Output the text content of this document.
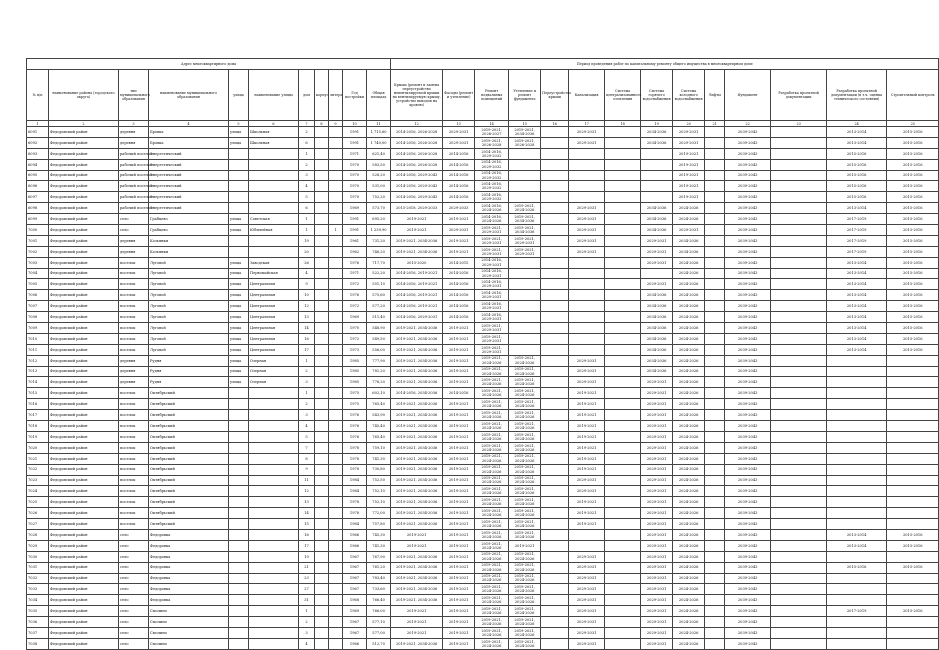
Адрес многоквартирного дома											Период проведения работ по капитальному ремонту общего имущества в многоквартирном доме													
№ п/п	наименование района (городского округа)	тип муниципального образования	наименование муниципального образования	улица	наименование улицы	дом	корпус	литера	Год постройки	Общая площадь	Крыша (ремонт и замена переустройство невентилируемой крыши на вентилируемую крышу, устройство выходов на кровлю)	Фасады (ремонт и утепление)	Ремонт подвальных помещений	Утепление и ремонт фундамента	Переустройство крыши	Канализация	Система централизованного отопления	Система горячего водоснабжения	Система холодного водоснабжения	Лифты	Фундамент	Разработка проектной документации	Разработка проектной документации (в т.ч. оценка технического состояния)	Строительный контроль
1	2	3	4	5	6	7	8	9	10	11	12	13	14	15	16	17	18	19	20	21	22	23	24	25
6091	Федоровский район	деревня	Бровка	улица	Школьная	2			1991	1 715,60	2014-2016, 2026-2028	2029-2031	2019-2021, 2026-2027	2019-2021, 2034-2036		2029-2031		2034-2036	2029-2031		2039-2043		2013-2014	2015-2016
6092	Федоровский район	деревня	Бровка	улица	Школьная	6			1991	1 740,00	2014-2016, 2026-2028	2029-2031	2019-2021, 2026-2028	2019-2021, 2026-2028		2029-2031		2034-2036	2029-2031		2039-2043		2013-2014	2015-2016
6093	Федоровский район	рабочий поселок	Энергетический			1			1971	621,40	2014-2016, 2026-2028	2014-2016	2014-2016, 2029-2032						2019-2021		2039-2043		2015-2016	2015-2016
6094	Федоровский район	рабочий поселок	Энергетический			2			1970	583,50	2014-2016, 2026-2028	2014-2016	2014-2016, 2029-2032						2019-2021		2039-2043		2015-2016	2015-2016
6095	Федоровский район	рабочий поселок	Энергетический			3			1970	528,20	2014-2016, 2029-2043	2014-2016	2014-2016, 2029-2032						2019-2021		2039-2043		2015-2016	2015-2016
6096	Федоровский район	рабочий поселок	Энергетический			4			1970	531,00	2014-2016, 2029-2043	2014-2016	2014-2016, 2029-2032						2019-2021		2039-2043		2015-2016	2015-2016
6097	Федоровский район	рабочий поселок	Энергетический			5			1970	752,20	2014-2016, 2029-2043	2014-2016	2014-2016, 2029-2032						2019-2021		2039-2043		2015-2016	2015-2016
6098	Федоровский район	рабочий поселок	Энергетический			6			1969	573,70	2015-2018, 2029-2033	2029-2033	2014-2016, 2024-2026	2019-2021, 2024-2026		2029-2031		2034-2036	2024-2026		2039-2043		2013-2014	2015-2016
6099	Федоровский район	село	Грабцево	улица	Советская	1			1991	695,20	2019-2021	2019-2021	2014-2016, 2024-2026	2019-2021, 2034-2036		2029-2031		2034-2036	2024-2026		2039-2043		2017-2019	2015-2016
7000	Федоровский район	село	Грабцево	улица	Юбилейная	1		1	1991	1 239,90	2019-2021	2029-2031	2019-2021, 2029-2031	2019-2021, 2034-2036		2029-2031		2034-2036	2029-2031		2039-2043		2017-2019	2015-2016
7001	Федоровский район	деревня	Козьянки			19			1961	731,20	2019-2021, 2034-2036	2019-2021	2019-2021, 2029-2031	2019-2021, 2029-2031		2029-2031		2029-2031	2034-2036		2039-2043		2017-2019	2015-2016
7002	Федоровский район	деревня	Козьянки			20			1962	746,20	2019-2021, 2034-2036	2019-2021	2019-2021, 2029-2031	2019-2021, 2029-2031		2029-2031		2029-2031	2034-2036		2039-2043		2017-2019	2015-2016
7003	Федоровский район	поселок	Луговой	улица	Заводская	26			1976	717,70	2015-2020	2014-2015	2014-2016, 2029-2031					2029-2031	2024-2026		2039-2043		2013-2014	2015-2016
7004	Федоровский район	поселок	Луговой	улица	Первомайская	4			1971	522,20	2014-2016, 2019-2021	2014-2016	2014-2016, 2029-2031						2024-2026		2039-2043		2013-2014	2015-2016
7005	Федоровский район	поселок	Луговой	улица	Центральная	9			1972	551,10	2014-2016, 2019-2021	2014-2016	2014-2016, 2029-2031					2029-2031	2024-2026		2039-2043		2013-2014	2015-2016
7006	Федоровский район	поселок	Луговой	улица	Центральная	10			1976	575,60	2014-2016, 2019-2021	2014-2016	2014-2016, 2029-2031					2034-2036	2024-2026		2039-2043		2013-2014	2015-2016
7007	Федоровский район	поселок	Луговой	улица	Центральная	12			1972	577,20	2014-2016, 2019-2021	2014-2016	2014-2016, 2029-2031					2034-2036	2024-2026		2039-2043		2013-2014	2015-2016
7008	Федоровский район	поселок	Луговой	улица	Центральная	13			1969	511,40	2014-2016, 2029-2031	2014-2016	2014-2016, 2029-2031					2034-2036	2024-2026		2039-2043		2013-2014	2015-2016
7009	Федоровский район	поселок	Луговой	улица	Центральная	14			1970	548,90	2019-2021, 2034-2036	2019-2021	2019-2021, 2029-2031					2034-2036	2024-2026		2039-2043		2013-2014	2015-2016
7010	Федоровский район	поселок	Луговой	улица	Центральная	16			1972	549,50	2019-2021, 2034-2036	2019-2021	2019-2021, 2029-2031					2034-2036	2024-2026		2039-2043		2013-2014	2015-2016
7011	Федоровский район	поселок	Луговой	улица	Центральная	17			1973	556,00	2019-2021, 2034-2036	2019-2021	2019-2021, 2029-2031					2034-2036	2024-2026		2039-2043		2013-2014	2015-2016
7012	Федоровский район	деревня	Рудня	улица	Озерная	1			1985	777,90	2019-2021, 2034-2036	2019-2021	2019-2021, 2024-2026	2019-2021, 2024-2026		2029-2031		2034-2036	2024-2026		2039-2043			
7013	Федоровский район	деревня	Рудня	улица	Озерная	2			1985	781,20	2019-2021, 2034-2036	2019-2021	2019-2021, 2024-2026	2019-2021, 2024-2026		2029-2031		2034-2036	2024-2026		2039-2043			
7014	Федоровский район	деревня	Рудня	улица	Озерная	3			1985	776,20	2019-2021, 2034-2036	2019-2021	2019-2021, 2024-2026	2019-2021, 2024-2026		2029-2031		2029-2031	2024-2026		2039-2043			
7015	Федоровский район	поселок	Октябрьский			1			1975	602,10	2014-2016, 2034-2036	2014-2016	2019-2021, 2024-2026	2019-2021, 2024-2026		2019-2021		2029-2031	2024-2026		2039-2043			
7016	Федоровский район	поселок	Октябрьский			2			1975	765,40	2019-2021, 2034-2036	2019-2021	2019-2021, 2024-2026	2019-2021, 2024-2026		2019-2021		2029-2031	2024-2026		2039-2043			
7017	Федоровский район	поселок	Октябрьский			3			1976	543,90	2019-2021, 2034-2036	2019-2021	2019-2021, 2024-2026	2019-2021, 2024-2026		2019-2021		2029-2031	2024-2026		2039-2043			
7018	Федоровский район	поселок	Октябрьский			4			1976	745,40	2019-2021, 2034-2036	2019-2021	2019-2021, 2024-2026	2019-2021, 2024-2026		2019-2021		2029-2031	2024-2026		2039-2043			
7019	Федоровский район	поселок	Октябрьский			5			1976	765,40	2019-2021, 2034-2036	2019-2021	2019-2021, 2024-2026	2019-2021, 2024-2026		2019-2021		2029-2031	2024-2026		2039-2043			
7020	Федоровский район	поселок	Октябрьский			7			1978	759,10	2019-2021, 2034-2036	2019-2021	2019-2021, 2024-2026	2019-2021, 2024-2026		2019-2021		2029-2031	2024-2026		2039-2043			
7021	Федоровский район	поселок	Октябрьский			8			1978	741,30	2019-2021, 2034-2036	2019-2021	2019-2021, 2024-2026	2019-2021, 2024-2026		2019-2021		2029-2031	2024-2026		2039-2043			
7022	Федоровский район	поселок	Октябрьский			9			1978	730,80	2019-2021, 2034-2036	2019-2021	2019-2021, 2024-2026	2019-2021, 2024-2026		2019-2021		2029-2031	2024-2026		2039-2043			
7023	Федоровский район	поселок	Октябрьский			11			1984	752,50	2019-2021, 2034-2036	2019-2021	2019-2021, 2024-2026	2019-2021, 2024-2026		2029-2031		2029-2031	2024-2026		2039-2043			
7024	Федоровский район	поселок	Октябрьский			12			1984	752,10	2019-2021, 2034-2036	2019-2021	2019-2021, 2024-2026	2019-2021, 2024-2026		2029-2031		2029-2031	2024-2026		2039-2043			
7025	Федоровский район	поселок	Октябрьский			13			1978	752,10	2019-2021, 2034-2036	2019-2021	2019-2021, 2024-2026	2019-2021, 2024-2026		2019-2021		2029-2031	2024-2026		2039-2043			
7026	Федоровский район	поселок	Октябрьский			14			1978	772,00	2019-2021, 2034-2036	2019-2021	2019-2021, 2024-2026	2019-2021, 2024-2026		2019-2021		2029-2031	2024-2026		2039-2043			
7027	Федоровский район	поселок	Октябрьский			15			1984	757,80	2019-2021, 2034-2036	2019-2021	2019-2021, 2024-2026	2019-2021, 2024-2026		2019-2021		2029-2031	2024-2026		2039-2043			
7028	Федоровский район	село	Федоровка			16			1966	745,30	2019-2021	2019-2021	2019-2021, 2024-2026	2019-2021, 2024-2026				2029-2031	2024-2026		2039-2043		2013-2014	2015-2016
7029	Федоровский район	село	Федоровка			17			1966	741,30	2019-2021	2019-2021	2019-2021, 2024-2026	2019-2021				2029-2031	2024-2026		2039-2043		2013-2014	2015-2016
7030	Федоровский район	село	Федоровка			19			1967	767,90	2019-2021, 2034-2036	2019-2021	2019-2021, 2024-2026	2019-2021, 2024-2026		2029-2031		2029-2031	2024-2026		2039-2043			
7031	Федоровский район	село	Федоровка			21			1967	761,20	2019-2021, 2034-2036	2019-2021	2019-2021, 2024-2026	2019-2021, 2024-2026		2029-2031		2029-2031	2024-2026		2039-2043		2015-2016	2015-2016
7032	Федоровский район	село	Федоровка			23			1967	783,40	2019-2021, 2034-2036	2019-2021	2019-2021, 2024-2026	2019-2021, 2024-2026		2029-2031		2029-2031	2024-2026		2039-2043			
7033	Федоровский район	село	Федоровка			27			1967	733,60	2019-2021, 2034-2036	2019-2021	2019-2021, 2024-2026	2019-2021, 2024-2026		2029-2031		2029-2031	2024-2026		2039-2043			
7034	Федоровский район	село	Федоровка			31			1968	766,40	2019-2021, 2034-2036	2019-2021	2019-2021, 2024-2026	2019-2021, 2024-2026		2029-2031		2029-2031	2024-2026		2039-2043			
7035	Федоровский район	село	Смолино			1			1969	766,00	2019-2021	2019-2021	2019-2021, 2024-2026	2019-2021, 2024-2026		2029-2031		2029-2031	2024-2026		2039-2043		2017-2019	2015-2016
7036	Федоровский район	село	Смолино			2			1967	577,10	2019-2021	2019-2021	2019-2021, 2024-2026	2019-2021, 2024-2026		2029-2031		2029-2031	2024-2026		2039-2043			
7037	Федоровский район	село	Смолино			3			1967	577,00	2019-2021	2019-2021	2019-2021, 2024-2026	2019-2021, 2024-2026		2029-2031		2029-2031	2024-2026		2039-2043			
7038	Федоровский район	село	Смолино			4			1966	512,70	2019-2021, 2034-2036	2019-2021	2019-2021, 2024-2026	2019-2021, 2024-2026		2029-2031		2029-2031	2024-2026		2039-2043			
